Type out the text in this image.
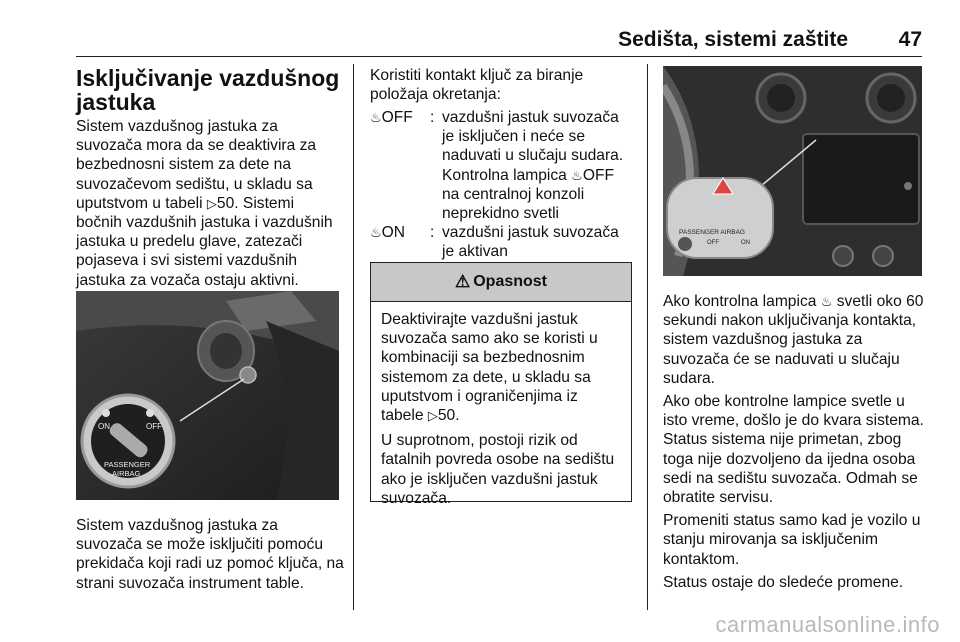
Sedišta, sistemi zaštite 47
Isključivanje vazdušnog jastuka

Sistem vazdušnog jastuka za suvozača mora da se deaktivira za bezbednosni sistem za dete na suvozačevom sedištu, u skladu sa uputstvom u tabeli ▷50. Sistemi bočnih vazdušnih jastuka i vazdušnih jastuka u predelu glave, zatezači pojaseva i svi sistemi vazdušnih jastuka za vozača ostaju aktivni.

ON	OFF
PASSENGER
AIRBAG

Sistem vazdušnog jastuka za suvozača se može isključiti pomoću prekidača koji radi uz pomoć ključa, na strani suvozača instrument table.

Koristiti kontakt ključ za biranje položaja okretanja:

♨OFF	: vazdušni jastuk suvozača je isključen i neće se naduvati u slučaju sudara. Kontrolna lampica ♨OFF na centralnoj konzoli neprekidno svetli
♨ON	: vazdušni jastuk suvozača je aktivan
⚠ Opasnost

Deaktivirajte vazdušni jastuk suvozača samo ako se koristi u kombinaciji sa bezbednosnim sistemom za dete, u skladu sa uputstvom i ograničenjima iz tabele ▷50.

U suprotnom, postoji rizik od fatalnih povreda osobe na sedištu ako je isključen vazdušni jastuk suvozača.

PASSENGER AIRBAG
OFF	ON

Ako kontrolna lampica ♨ svetli oko 60 sekundi nakon uključivanja kontakta, sistem vazdušnog jastuka za suvozača će se naduvati u slučaju sudara.

Ako obe kontrolne lampice svetle u isto vreme, došlo je do kvara sistema. Status sistema nije primetan, zbog toga nije dozvoljeno da ijedna osoba sedi na sedištu suvozača. Odmah se obratite servisu.

Promeniti status samo kad je vozilo u stanju mirovanja sa isključenim kontaktom.

Status ostaje do sledeće promene.

carmanualsonline.info
